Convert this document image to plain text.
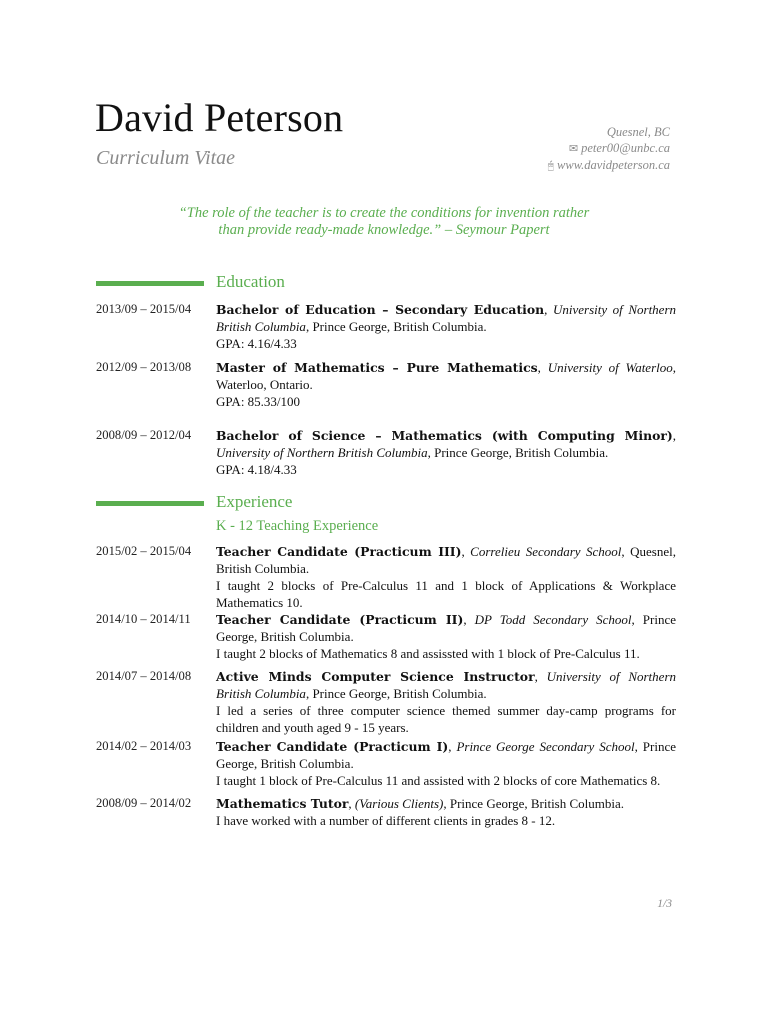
David Peterson
Curriculum Vitae
Quesnel, BC
✉ peter00@unbc.ca
🖰 www.davidpeterson.ca
“The role of the teacher is to create the conditions for invention rather
than provide ready-made knowledge.” – Seymour Papert
Education
2013/09 – 2015/04	Bachelor of Education – Secondary Education, University of Northern British Columbia, Prince George, British Columbia.
GPA: 4.16/4.33
2012/09 – 2013/08	Master of Mathematics – Pure Mathematics, University of Waterloo, Waterloo, Ontario.
GPA: 85.33/100
2008/09 – 2012/04	Bachelor of Science – Mathematics (with Computing Minor), University of Northern British Columbia, Prince George, British Columbia.
GPA: 4.18/4.33
Experience
K - 12 Teaching Experience
2015/02 – 2015/04	Teacher Candidate (Practicum III), Correlieu Secondary School, Quesnel, British Columbia.
I taught 2 blocks of Pre-Calculus 11 and 1 block of Applications & Workplace Mathematics 10.
2014/10 – 2014/11	Teacher Candidate (Practicum II), DP Todd Secondary School, Prince George, British Columbia.
I taught 2 blocks of Mathematics 8 and assissted with 1 block of Pre-Calculus 11.
2014/07 – 2014/08	Active Minds Computer Science Instructor, University of Northern British Columbia, Prince George, British Columbia.
I led a series of three computer science themed summer day-camp programs for children and youth aged 9 - 15 years.
2014/02 – 2014/03	Teacher Candidate (Practicum I), Prince George Secondary School, Prince George, British Columbia.
I taught 1 block of Pre-Calculus 11 and assisted with 2 blocks of core Mathematics 8.
2008/09 – 2014/02	Mathematics Tutor, (Various Clients), Prince George, British Columbia.
I have worked with a number of different clients in grades 8 - 12.
1/3
